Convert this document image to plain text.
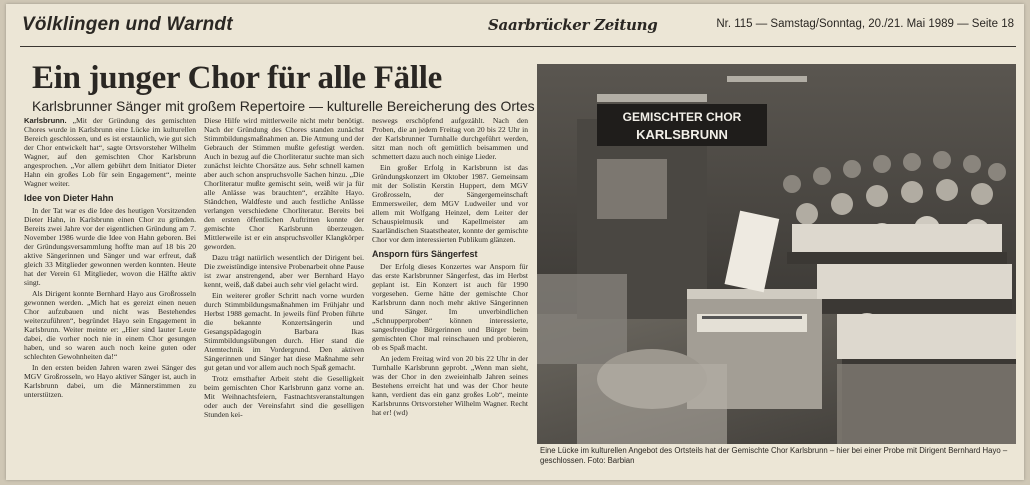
Völklingen und Warndt	Saarbrücker Zeitung	Nr. 115 — Samstag/Sonntag, 20./21. Mai 1989 — Seite 18
Ein junger Chor für alle Fälle
Karlsbrunner Sänger mit großem Repertoire — kulturelle Bereicherung des Ortes

Karlsbrunn. „Mit der Gründung des gemischten Chores wurde in Karlsbrunn eine Lücke im kulturellen Bereich geschlossen, und es ist erstaunlich, wie gut sich der Chor entwickelt hat“, sagte Ortsvorsteher Wilhelm Wagner, auf den gemischten Chor Karlsbrunn angesprochen. „Vor allem gebührt dem Initiator Dieter Hahn ein großes Lob für sein Engagement“, meinte Wagner weiter.

Idee von Dieter Hahn

In der Tat war es die Idee des heutigen Vorsitzenden Dieter Hahn, in Karlsbrunn einen Chor zu gründen. Bereits zwei Jahre vor der eigentlichen Gründung am 7. November 1986 wurde die Idee von Hahn geboren. Bei der Gründungsversammlung hoffte man auf 18 bis 20 aktive Sängerinnen und Sänger und war erfreut, daß gleich 33 Mitglieder gewonnen werden konnten. Heute hat der Verein 61 Mitglieder, wovon die Hälfte aktiv singt.

Als Dirigent konnte Bernhard Hayo aus Großrosseln gewonnen werden. „Mich hat es gereizt einen neuen Chor aufzubauen und nicht was Bestehendes weiterzuführen“, begründet Hayo sein Engagement in Karlsbrunn. Weiter meinte er: „Hier sind lauter Leute dabei, die vorher noch nie in einem Chor gesungen haben, und so waren auch noch keine guten oder schlechten Gewohnheiten da!“

In den ersten beiden Jahren waren zwei Sänger des MGV Großrosseln, wo Hayo aktiver Sänger ist, auch in Karlsbrunn dabei, um die Männerstimmen zu unterstützen.

Diese Hilfe wird mittlerweile nicht mehr benötigt. Nach der Gründung des Chores standen zunächst Stimmbildungsmaßnahmen an. Die Atmung und der Gebrauch der Stimmen mußte gefestigt werden. Auch in bezug auf die Chorliteratur suchte man sich zunächst leichte Chorsätze aus. Sehr schnell kamen aber auch schon anspruchsvolle Sachen hinzu. „Die Chorliteratur mußte gemischt sein, weiß wir ja für alle Anlässe was brauchten“, erzählte Hayo. Ständchen, Waldfeste und auch festliche Anlässe verlangen verschiedene Chorliteratur. Bereits bei den ersten öffentlichen Auftritten konnte der gemischte Chor Karlsbrunn überzeugen. Mittlerweile ist er ein anspruchsvoller Klangkörper geworden.

Dazu trägt natürlich wesentlich der Dirigent bei. Die zweistündige intensive Probenarbeit ohne Pause ist zwar anstrengend, aber wer Bernhard Hayo kennt, weiß, daß dabei auch sehr viel gelacht wird.

Ein weiterer großer Schritt nach vorne wurden durch Stimmbildungsmaßnahmen im Frühjahr und Herbst 1988 gemacht. In jeweils fünf Proben führte die bekannte Konzertsängerin und Gesangspädagogin Barbara Ikas Stimmbildungsübungen durch. Hier stand die Atemtechnik im Vordergrund. Den aktiven Sängerinnen und Sänger hat diese Maßnahme sehr gut getan und vor allem auch noch Spaß gemacht.

Trotz ernsthafter Arbeit steht die Geselligkeit beim gemischten Chor Karlsbrunn ganz vorne an. Mit Weihnachtsfeiern, Fastnachtsveranstaltungen oder auch der Vereinsfahrt sind die geselligen Stunden kei-

neswegs erschöpfend aufgezählt. Nach den Proben, die an jedem Freitag von 20 bis 22 Uhr in der Karlsbrunner Turnhalle durchgeführt werden, sitzt man noch oft gemütlich beisammen und schmettert dazu auch noch einige Lieder.

Ein großer Erfolg in Karlsbrunn ist das Gründungskonzert im Oktober 1987. Gemeinsam mit der Solistin Kerstin Huppert, dem MGV Großrosseln, der Sängergemeinschaft Emmersweiler, dem MGV Ludweiler und vor allem mit Wolfgang Heinzel, dem Leiter der Schauspielmusik und Kapellmeister am Saarländischen Staatstheater, konnte der gemischte Chor vor dem interessierten Publikum glänzen.

Ansporn fürs Sängerfest

Der Erfolg dieses Konzertes war Ansporn für das erste Karlsbrunner Sängerfest, das im Herbst geplant ist. Ein Konzert ist auch für 1990 vorgesehen. Gerne hätte der gemischte Chor Karlsbrunn dann noch mehr aktive Sängerinnen und Sänger. Im unverbindlichen „Schnupperproben“ können interessierte, sangesfreudige Bürgerinnen und Bürger beim gemischten Chor mal reinschauen und probieren, ob es Spaß macht.

An jedem Freitag wird von 20 bis 22 Uhr in der Turnhalle Karlsbrunn geprobt. „Wenn man sieht, was der Chor in den zweieinhalb Jahren seines Bestehens erreicht hat und was der Chor heute kann, verdient das ein ganz großes Lob“, meinte Karlsbrunns Ortsvorsteher Wilhelm Wagner. Recht hat er! (wd)

GEMISCHTER CHOR
KARLSBRUNN
Eine Lücke im kulturellen Angebot des Ortsteils hat der Gemischte Chor Karlsbrunn – hier bei einer Probe mit Dirigent Bernhard Hayo – geschlossen. Foto: Barbian
